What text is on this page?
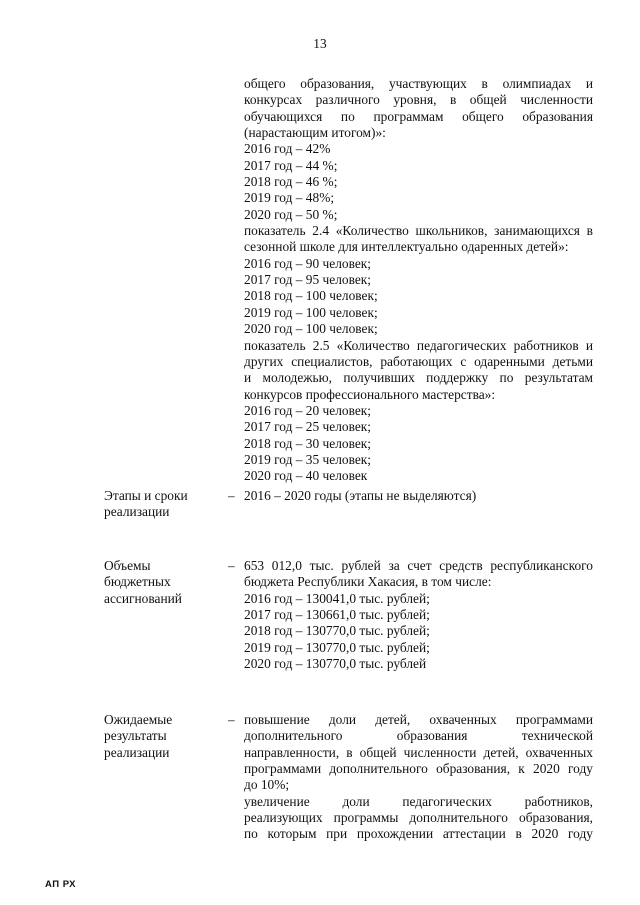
13
общего образования, участвующих в олимпиадах и
конкурсах различного уровня, в общей численности
обучающихся по программам общего образования
(нарастающим итогом)»:
2016 год – 42%
2017 год – 44 %;
2018 год – 46 %;
2019 год – 48%;
2020 год – 50 %;
показатель 2.4 «Количество школьников, занимающихся в
сезонной школе для интеллектуально одаренных детей»:
2016 год – 90 человек;
2017 год – 95 человек;
2018 год – 100 человек;
2019 год – 100 человек;
2020 год – 100 человек;
показатель 2.5 «Количество педагогических работников и
других специалистов, работающих с одаренными детьми
и молодежью, получивших поддержку по результатам
конкурсов профессионального мастерства»:
2016 год – 20 человек;
2017 год – 25 человек;
2018 год – 30 человек;
2019 год – 35 человек;
2020 год – 40 человек
Этапы и сроки
реализации
– 2016 – 2020 годы (этапы не выделяются)
Объемы
бюджетных
ассигнований
– 653 012,0 тыс. рублей за счет средств республиканского
бюджета Республики Хакасия, в том числе:
2016 год – 130041,0 тыс. рублей;
2017 год – 130661,0 тыс. рублей;
2018 год – 130770,0 тыс. рублей;
2019 год – 130770,0 тыс. рублей;
2020 год – 130770,0 тыс. рублей
Ожидаемые
результаты
реализации
– повышение доли детей, охваченных программами
дополнительного образования технической
направленности, в общей численности детей, охваченных
программами дополнительного образования, к 2020 году
до 10%;
увеличение доли педагогических работников,
реализующих программы дополнительного образования,
по которым при прохождении аттестации в 2020 году
АП РХ
